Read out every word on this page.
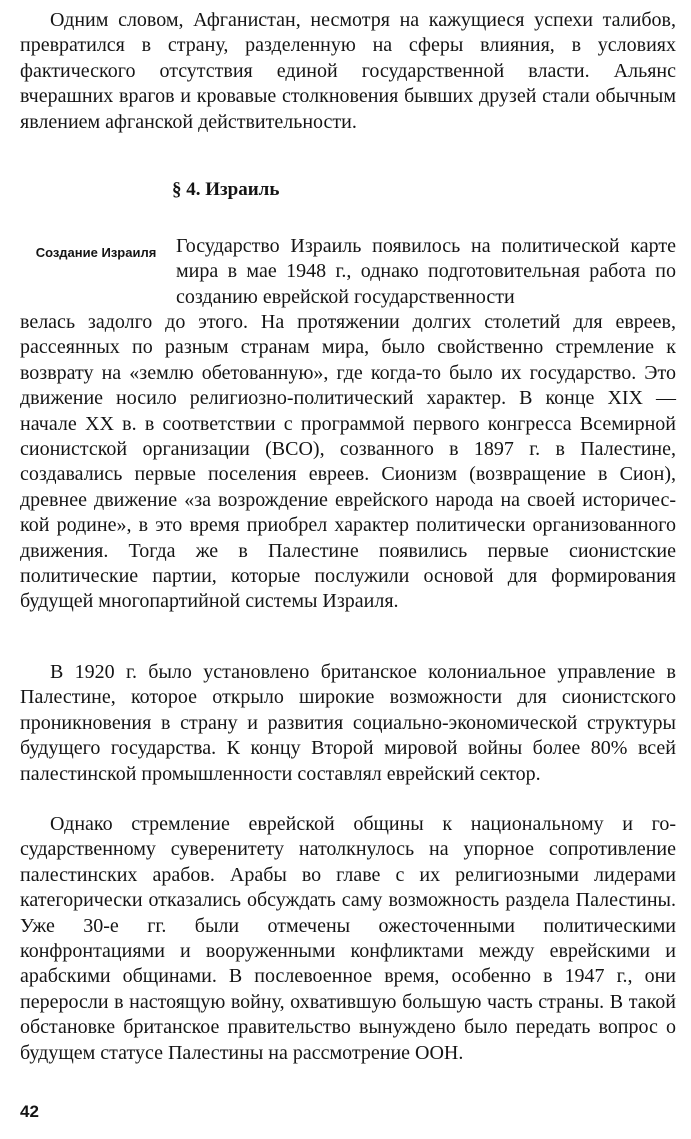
Одним словом, Афганистан, несмотря на кажущиеся успехи талибов, превратился в страну, разделенную на сферы влияния, в условиях фактического отсутствия единой государственной власти. Альянс вчерашних врагов и кровавые столкновения бывших друзей стали обычным явлением афганской действительности.

§ 4. Израиль

Создание Израиля Государство Израиль появилось на политической карте мира в мае 1948 г., однако подготовительная работа по созданию еврейской государственности

велась задолго до этого. На протяжении долгих столетий для евреев, рассеянных по разным странам мира, было свойственно стремление к возврату на «землю обетованную», где когда-то было их государство. Это движение носило религиозно-политический характер. В конце XIX — начале XX в. в соответствии с программой первого конгресса Всемирной сионистской организации (ВСО), созванного в 1897 г. в Палестине, создавались первые поселения евреев. Сионизм (возвращение в Сион), древнее движение «за возрождение еврейского народа на своей исторической родине», в это время приобрел характер политически организованного движения. Тогда же в Палестине появились первые сионистские политические партии, которые послужили основой для формирования будущей многопартийной системы Израиля.

В 1920 г. было установлено британское колониальное управление в Палестине, которое открыло широкие возможности для сионистского проникновения в страну и развития социально-экономической структуры будущего государства. К концу Второй мировой войны более 80% всей палестинской промышленности составлял еврейский сектор.

Однако стремление еврейской общины к национальному и государственному суверенитету натолкнулось на упорное сопротивление палестинских арабов. Арабы во главе с их религиозными лидерами категорически отказались обсуждать саму возможность раздела Палестины. Уже 30-е гг. были отмечены ожесточенными политическими конфронтациями и вооруженными конфликтами между еврейскими и арабскими общинами. В послевоенное время, особенно в 1947 г., они переросли в настоящую войну, охватившую большую часть страны. В такой обстановке британское правительство вынуждено было передать вопрос о будущем статусе Палестины на рассмотрение ООН.

42
